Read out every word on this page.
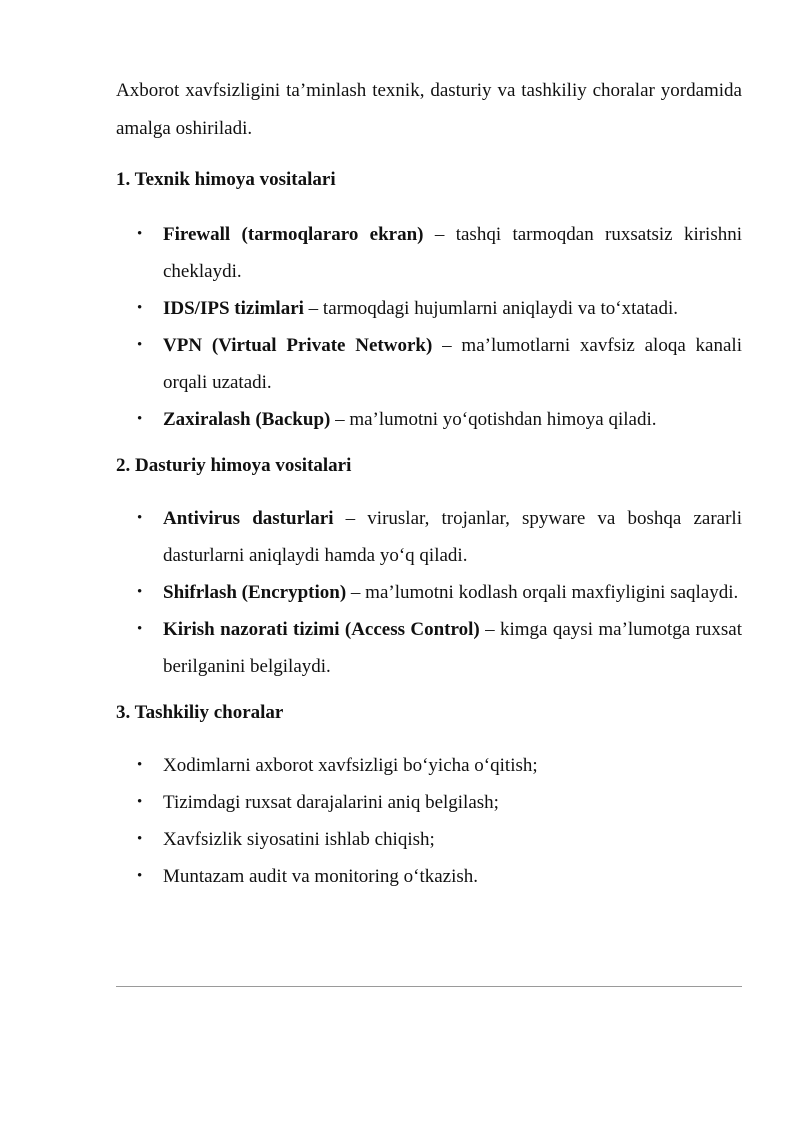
Axborot xavfsizligini ta’minlash texnik, dasturiy va tashkiliy choralar yordamida amalga oshiriladi.

1. Texnik himoya vositalari
• Firewall (tarmoqlararo ekran) – tashqi tarmoqdan ruxsatsiz kirishni cheklaydi.
• IDS/IPS tizimlari – tarmoqdagi hujumlarni aniqlaydi va to‘xtatadi.
• VPN (Virtual Private Network) – ma’lumotlarni xavfsiz aloqa kanali orqali uzatadi.
• Zaxiralash (Backup) – ma’lumotni yo‘qotishdan himoya qiladi.
2. Dasturiy himoya vositalari
• Antivirus dasturlari – viruslar, trojanlar, spyware va boshqa zararli dasturlarni aniqlaydi hamda yo‘q qiladi.
• Shifrlash (Encryption) – ma’lumotni kodlash orqali maxfiyligini saqlaydi.
• Kirish nazorati tizimi (Access Control) – kimga qaysi ma’lumotga ruxsat berilganini belgilaydi.
3. Tashkiliy choralar
• Xodimlarni axborot xavfsizligi bo‘yicha o‘qitish;
• Tizimdagi ruxsat darajalarini aniq belgilash;
• Xavfsizlik siyosatini ishlab chiqish;
• Muntazam audit va monitoring o‘tkazish.
